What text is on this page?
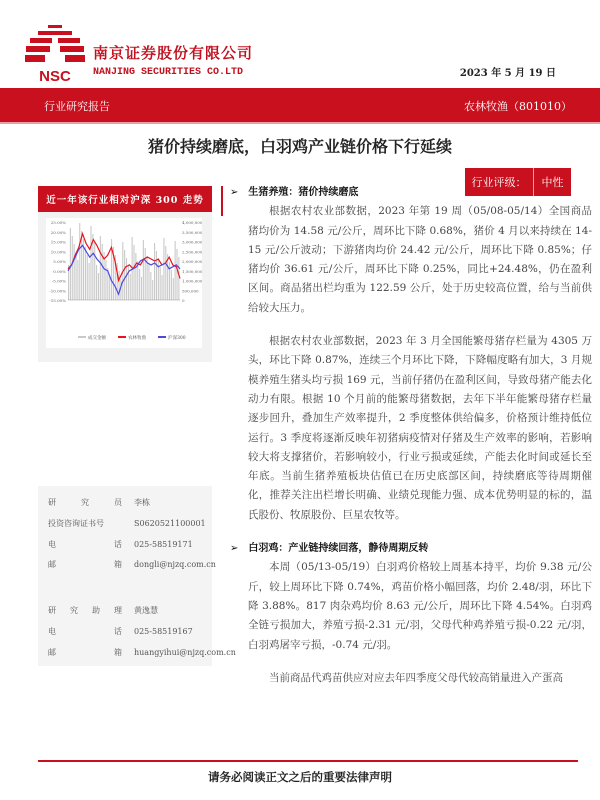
NSC
南京证券股份有限公司
NANJING SECURITIES CO.LTD	2023 年 5 月 19 日
行业研究报告	农林牧渔（801010）
猪价持续磨底，白羽鸡产业链价格下行延续
行业评级：	中性
近一年该行业相对沪深 300 走势
25.00%
20.00%
15.00%
10.00%
5.00%
0.00%
-5.00%
-10.00%
-15.00%
4,000,000
3,500,000
3,000,000
2,500,000
2,000,000
1,500,000
1,000,000
500,000
0
成交金额	农林牧渔	沪深300
研	究	员 李栋
投资咨询证书号	S0620521100001
电	话 025-58519171
邮	箱 dongli@njzq.com.cn
研 究 助 理 黄逸慧
电	话 025-58519167
邮	箱 huangyihui@njzq.com.cn

➢ 生猪养殖：猪价持续磨底

根据农村农业部数据，2023 年第 19 周（05/08-05/14）全国商品猪均价为 14.58 元/公斤，周环比下降 0.68%，猪价 4 月以来持续在 14-15 元/公斤波动；下游猪肉均价 24.42 元/公斤，周环比下降 0.85%；仔猪均价 36.61 元/公斤，周环比下降 0.25%，同比+24.48%，仍在盈利区间。商品猪出栏均重为 122.59 公斤，处于历史较高位置，给与当前供给较大压力。

根据农村农业部数据，2023 年 3 月全国能繁母猪存栏量为 4305 万头，环比下降 0.87%，连续三个月环比下降，下降幅度略有加大，3 月规模养殖生猪头均亏损 169 元，当前仔猪仍在盈利区间，导致母猪产能去化动力有限。根据 10 个月前的能繁母猪数据，去年下半年能繁母猪存栏量逐步回升，叠加生产效率提升，2 季度整体供给偏多，价格预计维持低位运行。3 季度将逐渐反映年初猪病疫情对仔猪及生产效率的影响，若影响较大将支撑猪价，若影响较小，行业亏损或延续，产能去化时间或延长至年底。当前生猪养殖板块估值已在历史底部区间，持续磨底等待周期催化，推荐关注出栏增长明确、业绩兑现能力强、成本优势明显的标的，温氏股份、牧原股份、巨星农牧等。

➢ 白羽鸡：产业链持续回落，静待周期反转

本周（05/13-05/19）白羽鸡价格较上周基本持平，均价 9.38 元/公斤，较上周环比下降 0.74%，鸡苗价格小幅回落，均价 2.48/羽，环比下降 3.88%。817 肉杂鸡均价 8.63 元/公斤，周环比下降 4.54%。白羽鸡全链亏损加大，养殖亏损-2.31 元/羽，父母代种鸡养殖亏损-0.22 元/羽，白羽鸡屠宰亏损，-0.74 元/羽。

当前商品代鸡苗供应对应去年四季度父母代较高销量进入产蛋高

请务必阅读正文之后的重要法律声明
